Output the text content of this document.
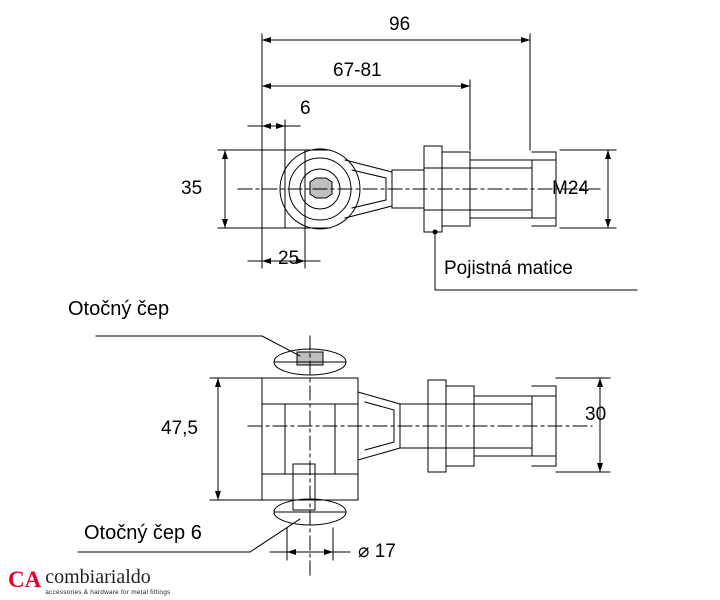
96
67-81
6
35
25
M24
Pojistná matice
Otočný čep
47,5
30
⌀ 17
Otočný čep 6
CA combiarialdo
accessories & hardware for metal fittings
